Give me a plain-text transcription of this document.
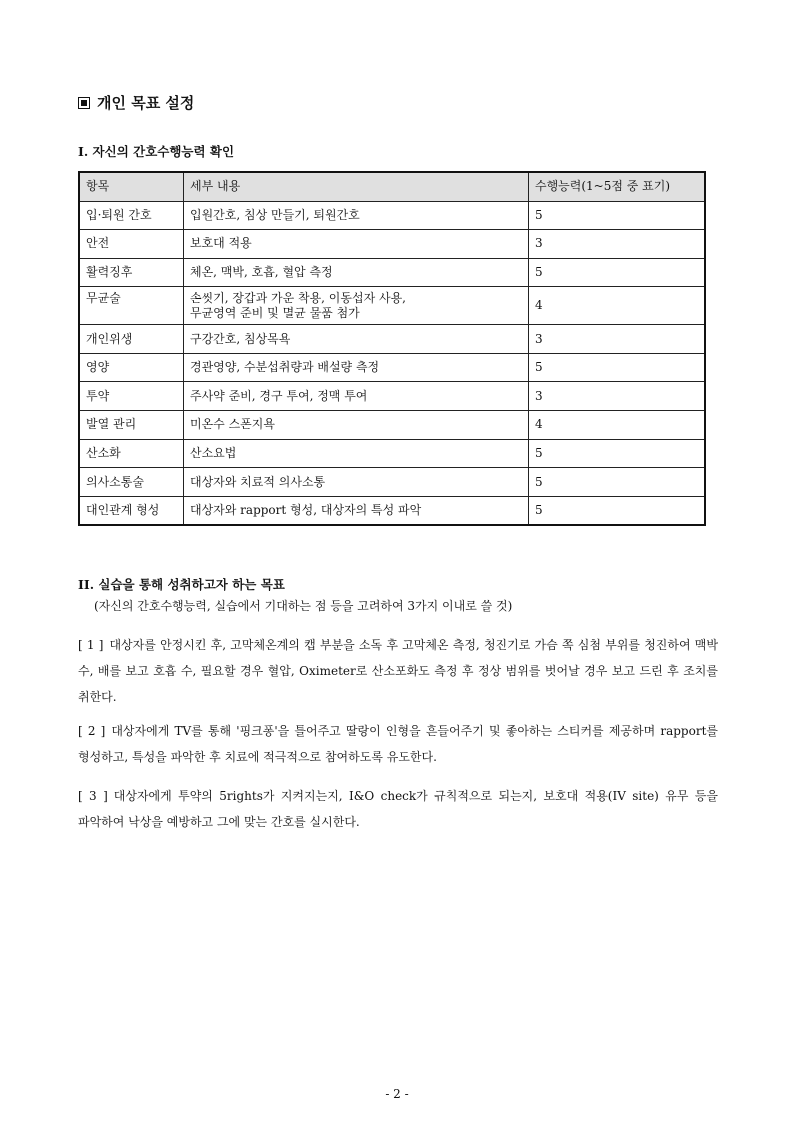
개인 목표 설정
I. 자신의 간호수행능력 확인
항목	세부 내용	수행능력(1~5점 중 표기)
입·퇴원 간호	입원간호, 침상 만들기, 퇴원간호	5
안전	보호대 적용	3
활력징후	체온, 맥박, 호흡, 혈압 측정	5
무균술	손씻기, 장갑과 가운 착용, 이동섭자 사용,
무균영역 준비 및 멸균 물품 첨가	4
개인위생	구강간호, 침상목욕	3
영양	경관영양, 수분섭취량과 배설량 측정	5
투약	주사약 준비, 경구 투여, 정맥 투여	3
발열 관리	미온수 스폰지욕	4
산소화	산소요법	5
의사소통술	대상자와 치료적 의사소통	5
대인관계 형성	대상자와 rapport 형성, 대상자의 특성 파악	5
II. 실습을 통해 성취하고자 하는 목표
(자신의 간호수행능력, 실습에서 기대하는 점 등을 고려하여 3가지 이내로 쓸 것)
[ 1 ] 대상자를 안정시킨 후, 고막체온계의 캡 부분을 소독 후 고막체온 측정, 청진기로 가슴 쪽 심첨 부위를 청진하여 맥박 수, 배를 보고 호흡 수, 필요할 경우 혈압, Oximeter로 산소포화도 측정 후 정상 범위를 벗어날 경우 보고 드린 후 조치를 취한다.
[ 2 ] 대상자에게 TV를 통해 '핑크퐁'을 틀어주고 딸랑이 인형을 흔들어주기 및 좋아하는 스티커를 제공하며 rapport를 형성하고, 특성을 파악한 후 치료에 적극적으로 참여하도록 유도한다.
[ 3 ] 대상자에게 투약의 5rights가 지켜지는지, I&O check가 규칙적으로 되는지, 보호대 적용(IV site) 유무 등을 파악하여 낙상을 예방하고 그에 맞는 간호를 실시한다.
- 2 -
